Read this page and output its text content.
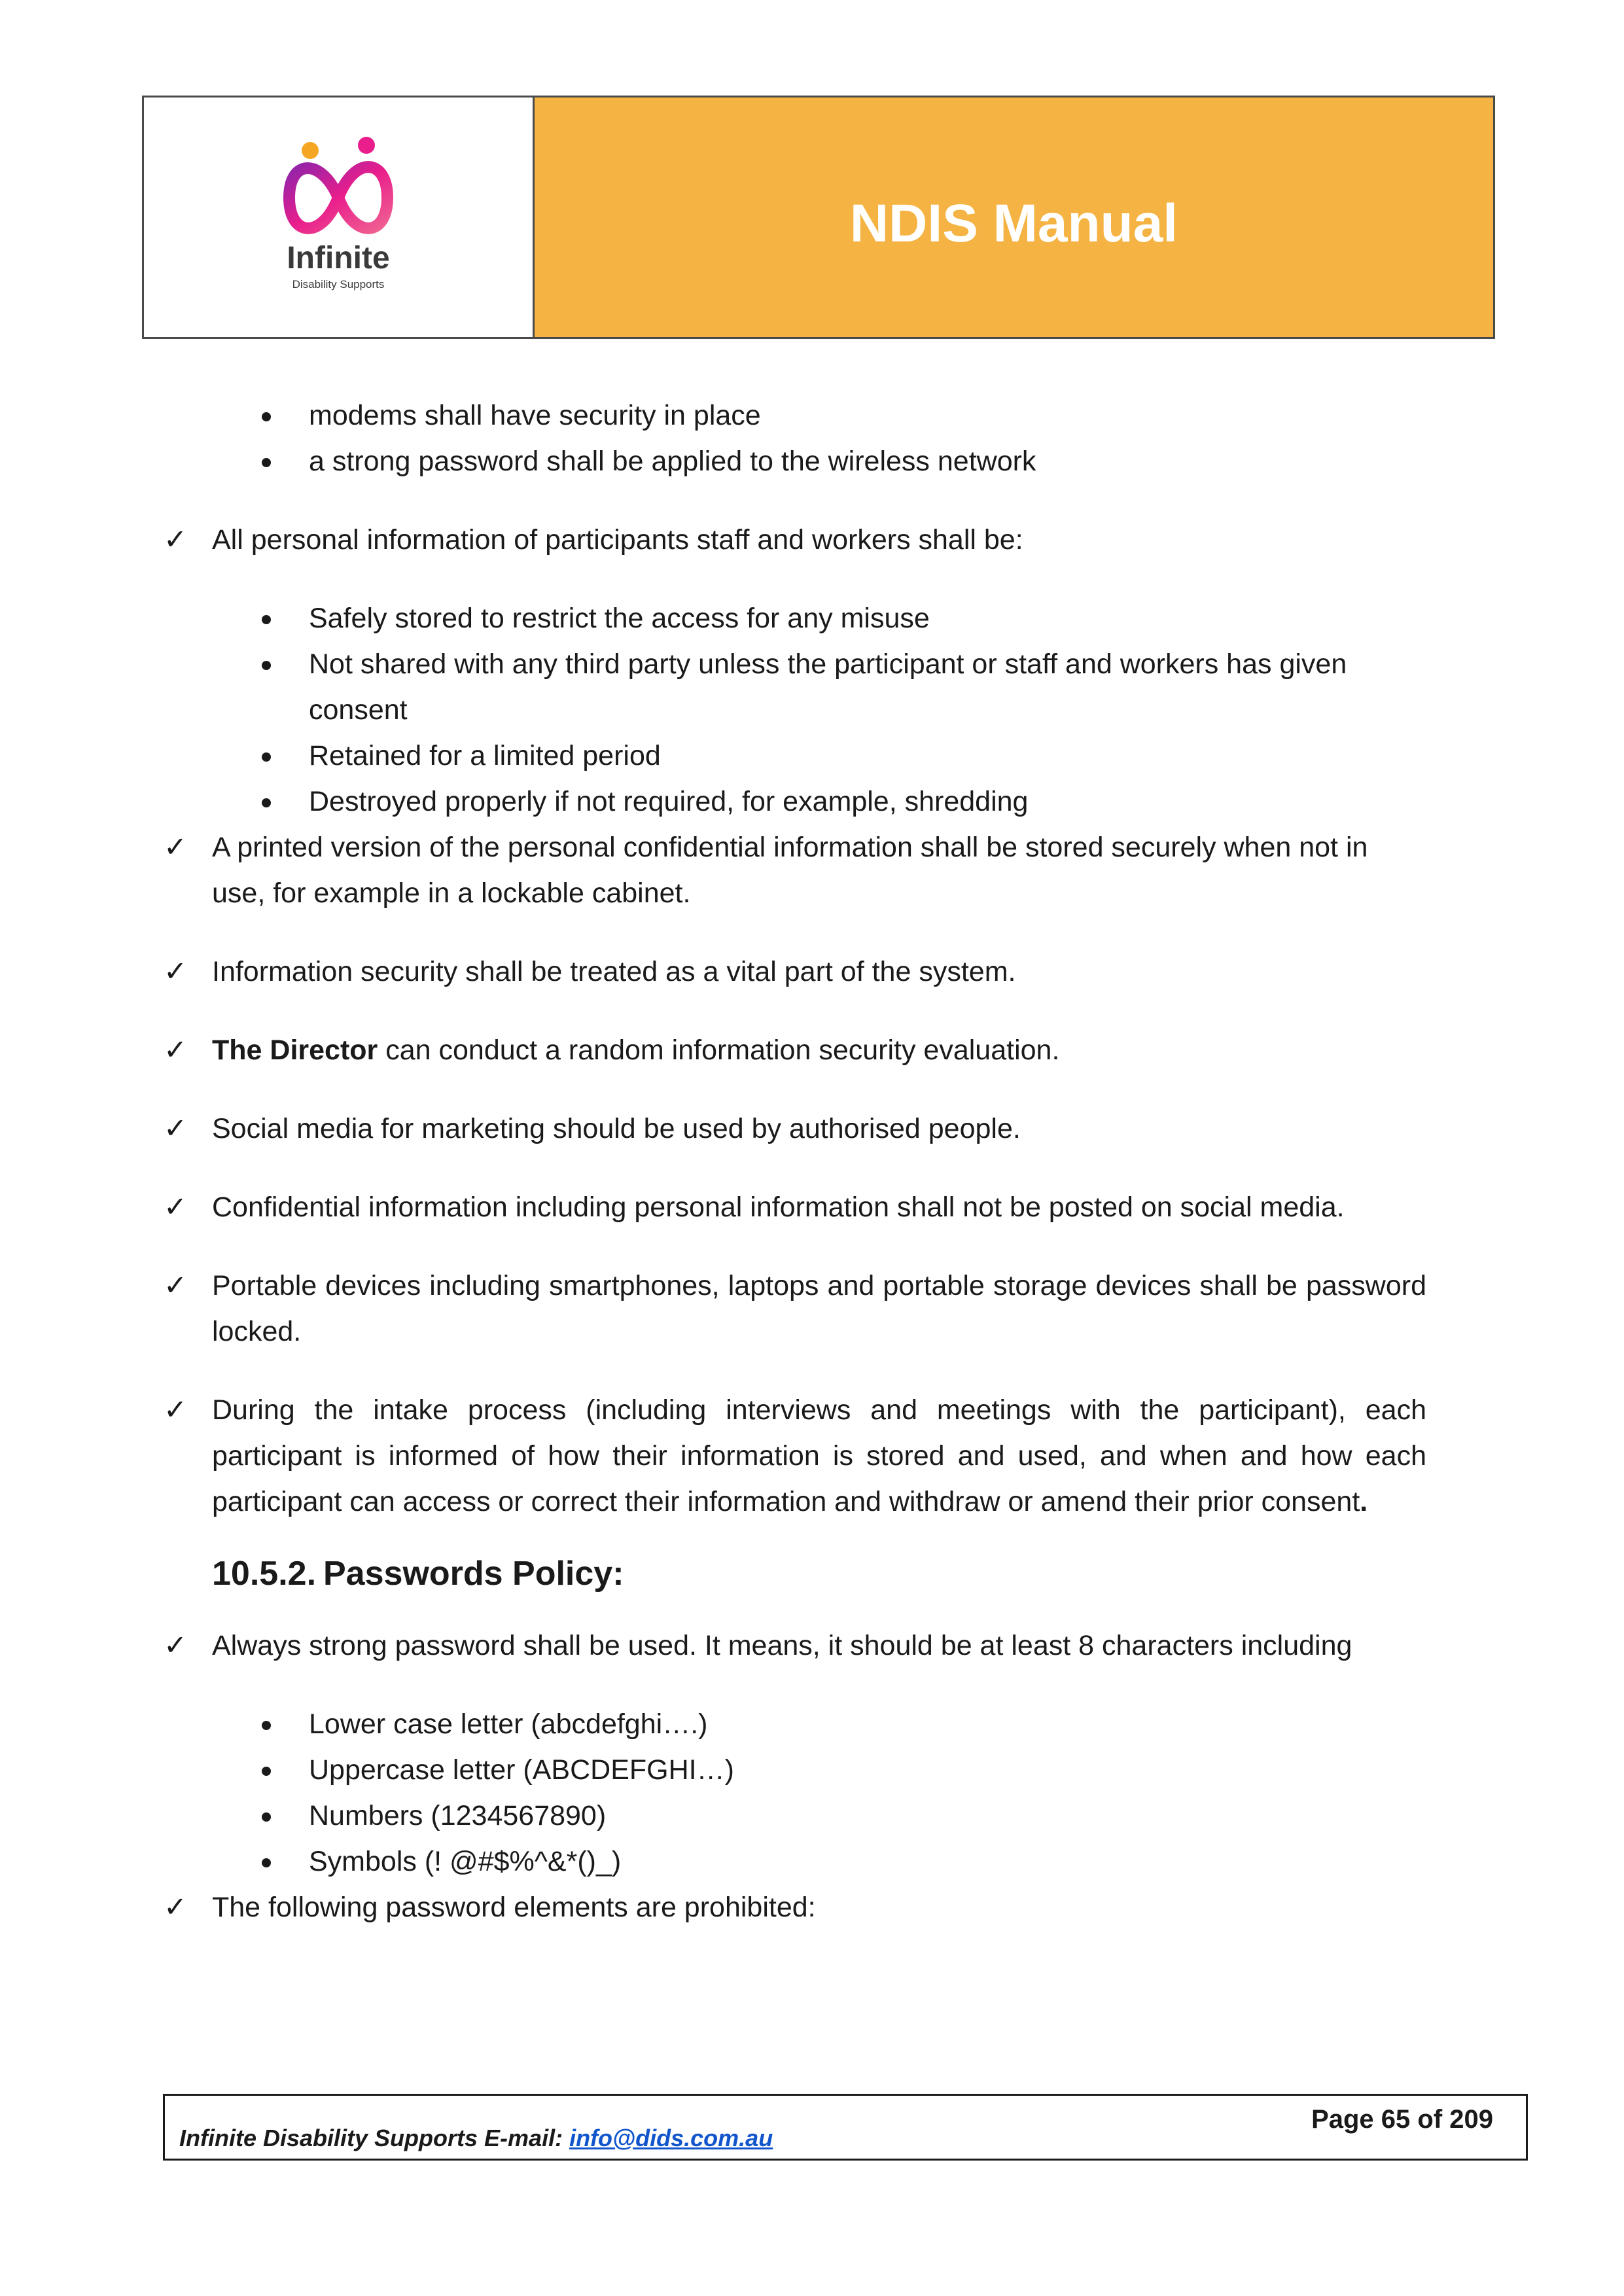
Infinite
Disability Supports
NDIS Manual
modems shall have security in place
a strong password shall be applied to the wireless network
✓ All personal information of participants staff and workers shall be:
Safely stored to restrict the access for any misuse
Not shared with any third party unless the participant or staff and workers has given consent
Retained for a limited period
Destroyed properly if not required, for example, shredding
✓ A printed version of the personal confidential information shall be stored securely when not in use, for example in a lockable cabinet.
✓ Information security shall be treated as a vital part of the system.
✓ The Director can conduct a random information security evaluation.
✓ Social media for marketing should be used by authorised people.
✓ Confidential information including personal information shall not be posted on social media.
✓ Portable devices including smartphones, laptops and portable storage devices shall be password locked.
✓ During the intake process (including interviews and meetings with the participant), each participant is informed of how their information is stored and used, and when and how each participant can access or correct their information and withdraw or amend their prior consent.
10.5.2. Passwords Policy:
✓ Always strong password shall be used. It means, it should be at least 8 characters including
Lower case letter (abcdefghi….)
Uppercase letter (ABCDEFGHI…)
Numbers (1234567890)
Symbols (! @#$%^&*()_)
✓ The following password elements are prohibited:
Infinite Disability Supports E-mail: info@dids.com.au
Page 65 of 209
